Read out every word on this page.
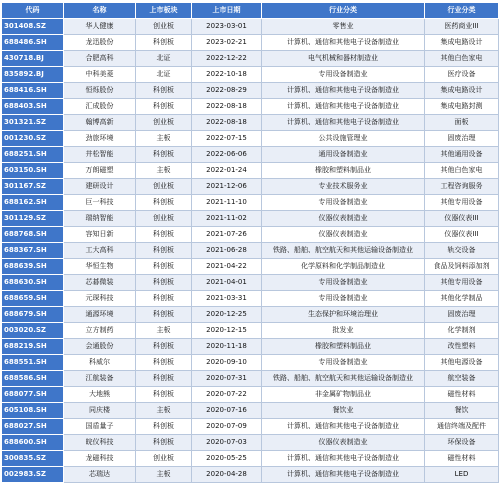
代码	名称	上市板块	上市日期	行业分类	行业分类
301408.SZ	华人健康	创业板	2023-03-01	零售业	医药商业III
688486.SH	龙迅股份	科创板	2023-02-21	计算机、通信和其他电子设备制造业	集成电路设计
430718.BJ	合肥高科	北证	2022-12-22	电气机械和器材制造业	其他白色家电
835892.BJ	中科美菱	北证	2022-10-18	专用设备制造业	医疗设备
688416.SH	恒烁股份	科创板	2022-08-29	计算机、通信和其他电子设备制造业	集成电路设计
688403.SH	汇成股份	科创板	2022-08-18	计算机、通信和其他电子设备制造业	集成电路封测
301321.SZ	翰博高新	创业板	2022-08-18	计算机、通信和其他电子设备制造业	面板
001230.SZ	劲旅环境	主板	2022-07-15	公共设施管理业	固废治理
688251.SH	井松智能	科创板	2022-06-06	通用设备制造业	其他通用设备
603150.SH	万朗磁塑	主板	2022-01-24	橡胶和塑料制品业	其他白色家电
301167.SZ	建研设计	创业板	2021-12-06	专业技术服务业	工程咨询服务
688162.SH	巨一科技	科创板	2021-11-10	专用设备制造业	其他专用设备
301129.SZ	瑞纳智能	创业板	2021-11-02	仪器仪表制造业	仪器仪表III
688768.SH	容知日新	科创板	2021-07-26	仪器仪表制造业	仪器仪表III
688367.SH	工大高科	科创板	2021-06-28	铁路、船舶、航空航天和其他运输设备制造业	轨交设备
688639.SH	华恒生物	科创板	2021-04-22	化学原料和化学制品制造业	食品及饲料添加剂
688630.SH	芯碁微装	科创板	2021-04-01	专用设备制造业	其他专用设备
688659.SH	元琛科技	科创板	2021-03-31	专用设备制造业	其他化学制品
688679.SH	通源环境	科创板	2020-12-25	生态保护和环境治理业	固废治理
003020.SZ	立方制药	主板	2020-12-15	批发业	化学制剂
688219.SH	会通股份	科创板	2020-11-18	橡胶和塑料制品业	改性塑料
688551.SH	科威尔	科创板	2020-09-10	专用设备制造业	其他电源设备
688586.SH	江航装备	科创板	2020-07-31	铁路、船舶、航空航天和其他运输设备制造业	航空装备
688077.SH	大地熊	科创板	2020-07-22	非金属矿物制品业	磁性材料
605108.SH	同庆楼	主板	2020-07-16	餐饮业	餐饮
688027.SH	国盾量子	科创板	2020-07-09	计算机、通信和其他电子设备制造业	通信终端及配件
688600.SH	皖仪科技	科创板	2020-07-03	仪器仪表制造业	环保设备
300835.SZ	龙磁科技	创业板	2020-05-25	计算机、通信和其他电子设备制造业	磁性材料
002983.SZ	芯瑞达	主板	2020-04-28	计算机、通信和其他电子设备制造业	LED
